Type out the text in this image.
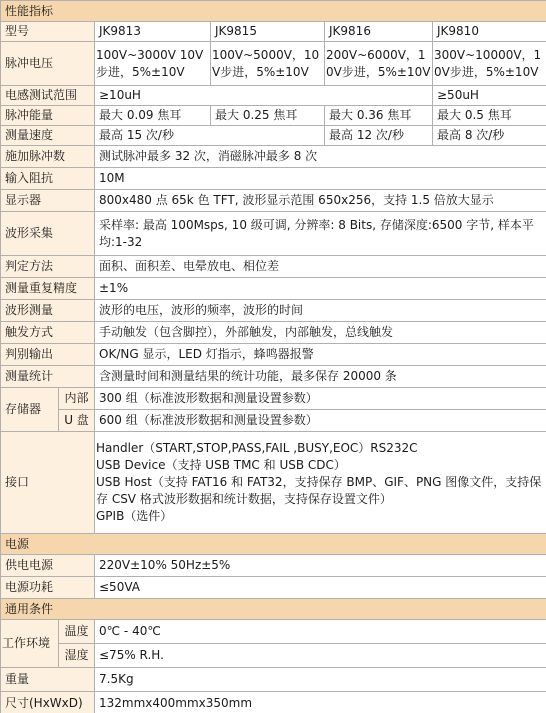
性能指标					
型号		JK9813	JK9815	JK9816	JK9810
脉冲电压		100V~3000V 10V步进，5%±10V	100V~5000V，10V步进，5%±10V	200V~6000V，10V步进，5%±10V	300V~10000V，10V步进，5%±10V
电感测试范围		≥10uH			≥50uH
脉冲能量		最大 0.09 焦耳	最大 0.25 焦耳	最大 0.36 焦耳	最大 0.5 焦耳
测量速度		最高 15 次/秒		最高 12 次/秒	最高 8 次/秒
施加脉冲数		测试脉冲最多 32 次，消磁脉冲最多 8 次			
输入阻抗		10M			
显示器		800x480 点 65k 色 TFT, 波形显示范围 650x256，支持 1.5 倍放大显示			
波形采集		采样率: 最高 100Msps, 10 级可调, 分辨率: 8 Bits, 存储深度:6500 字节, 样本平均:1-32			
判定方法		面积、面积差、电晕放电、相位差			
测量重复精度		±1%			
波形测量		波形的电压，波形的频率，波形的时间			
触发方式		手动触发（包含脚控），外部触发，内部触发，总线触发			
判别输出		OK/NG 显示，LED 灯指示，蜂鸣器报警			
测量统计		含测量时间和测量结果的统计功能，最多保存 20000 条			
存储器	内部	300 组（标准波形数据和测量设置参数）			
	U 盘	600 组（标准波形数据和测量设置参数）			
接口		Handler（START,STOP,PASS,FAIL ,BUSY,EOC）RS232C
USB Device（支持 USB TMC 和 USB CDC）
USB Host（支持 FAT16 和 FAT32，支持保存 BMP、GIF、PNG 图像文件，支持保存 CSV 格式波形数据和统计数据，支持保存设置文件）
GPIB（选件）			

电源					
供电电源		220V±10% 50Hz±5%			
电源功耗		≤50VA			
通用条件					
工作环境	温度	0℃ - 40℃			
	湿度	≤75% R.H.			
重量		7.5Kg			
尺寸(HxWxD)		132mmx400mmx350mm			
